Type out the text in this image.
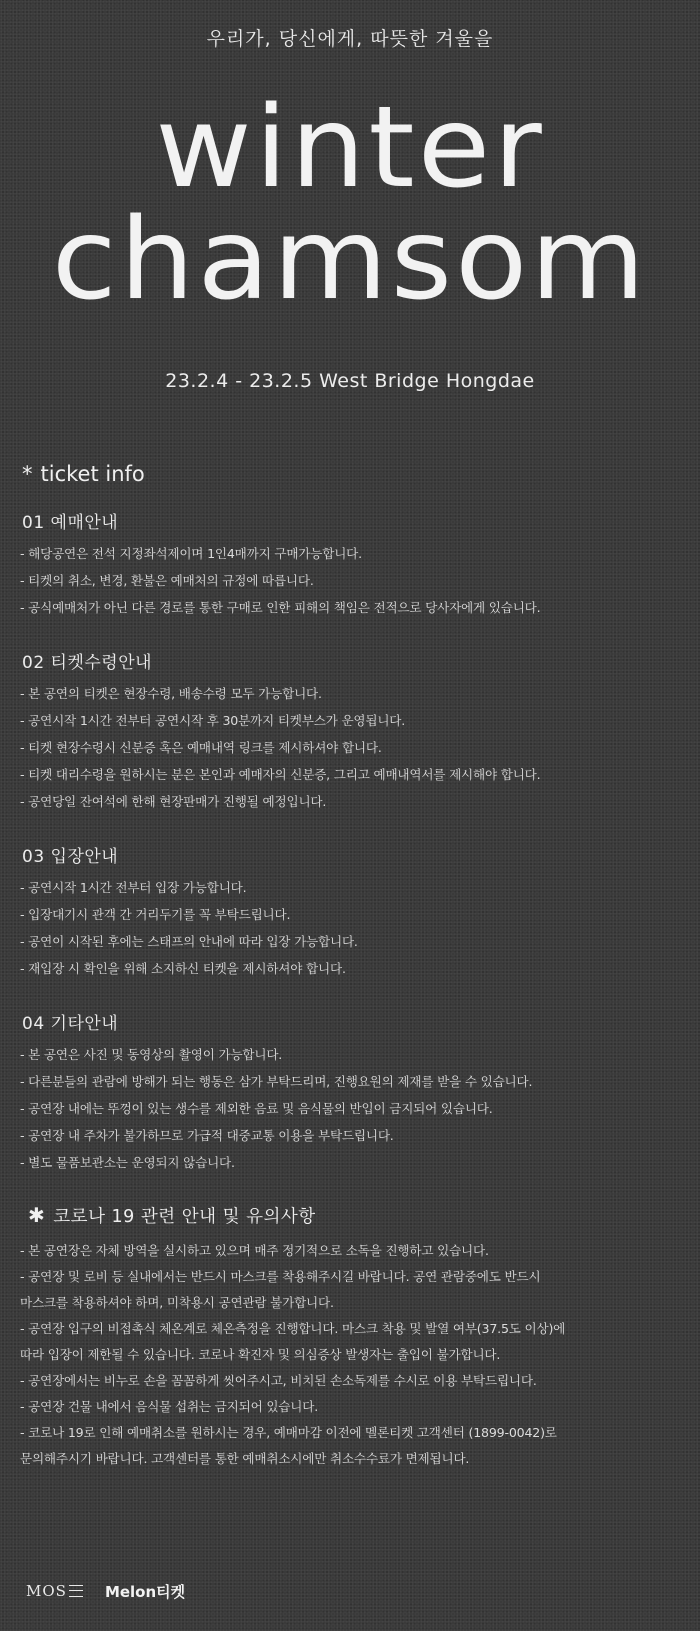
우리가, 당신에게, 따뜻한 겨울을
winter
chamsom
23.2.4 - 23.2.5 West Bridge Hongdae
* ticket info
01 예매안내

- 해당공연은 전석 지정좌석제이며 1인4매까지 구매가능합니다.

- 티켓의 취소, 변경, 환불은 예매처의 규정에 따릅니다.

- 공식예매처가 아닌 다른 경로를 통한 구매로 인한 피해의 책임은 전적으로 당사자에게 있습니다.

02 티켓수령안내

- 본 공연의 티켓은 현장수령, 배송수령 모두 가능합니다.

- 공연시작 1시간 전부터 공연시작 후 30분까지 티켓부스가 운영됩니다.

- 티켓 현장수령시 신분증 혹은 예매내역 링크를 제시하셔야 합니다.

- 티켓 대리수령을 원하시는 분은 본인과 예매자의 신분증, 그리고 예매내역서를 제시해야 합니다.

- 공연당일 잔여석에 한해 현장판매가 진행될 예정입니다.

03 입장안내

- 공연시작 1시간 전부터 입장 가능합니다.

- 입장대기시 관객 간 거리두기를 꼭 부탁드립니다.

- 공연이 시작된 후에는 스태프의 안내에 따라 입장 가능합니다.

- 재입장 시 확인을 위해 소지하신 티켓을 제시하셔야 합니다.

04 기타안내

- 본 공연은 사진 및 동영상의 촬영이 가능합니다.

- 다른분들의 관람에 방해가 되는 행동은 삼가 부탁드리며, 진행요원의 제재를 받을 수 있습니다.

- 공연장 내에는 뚜껑이 있는 생수를 제외한 음료 및 음식물의 반입이 금지되어 있습니다.

- 공연장 내 주차가 불가하므로 가급적 대중교통 이용을 부탁드립니다.

- 별도 물품보관소는 운영되지 않습니다.

✱ 코로나 19 관련 안내 및 유의사항

- 본 공연장은 자체 방역을 실시하고 있으며 매주 정기적으로 소독을 진행하고 있습니다.

- 공연장 및 로비 등 실내에서는 반드시 마스크를 착용해주시길 바랍니다. 공연 관람중에도 반드시

마스크를 착용하셔야 하며, 미착용시 공연관람 불가합니다.

- 공연장 입구의 비접촉식 체온계로 체온측정을 진행합니다. 마스크 착용 및 발열 여부(37.5도 이상)에

따라 입장이 제한될 수 있습니다. 코로나 확진자 및 의심증상 발생자는 출입이 불가합니다.

- 공연장에서는 비누로 손을 꼼꼼하게 씻어주시고, 비치된 손소독제를 수시로 이용 부탁드립니다.

- 공연장 건물 내에서 음식물 섭취는 금지되어 있습니다.

- 코로나 19로 인해 예매취소를 원하시는 경우, 예매마감 이전에 멜론티켓 고객센터 (1899-0042)로

문의해주시기 바랍니다. 고객센터를 통한 예매취소시에만 취소수수료가 면제됩니다.

MOS	Melon티켓
